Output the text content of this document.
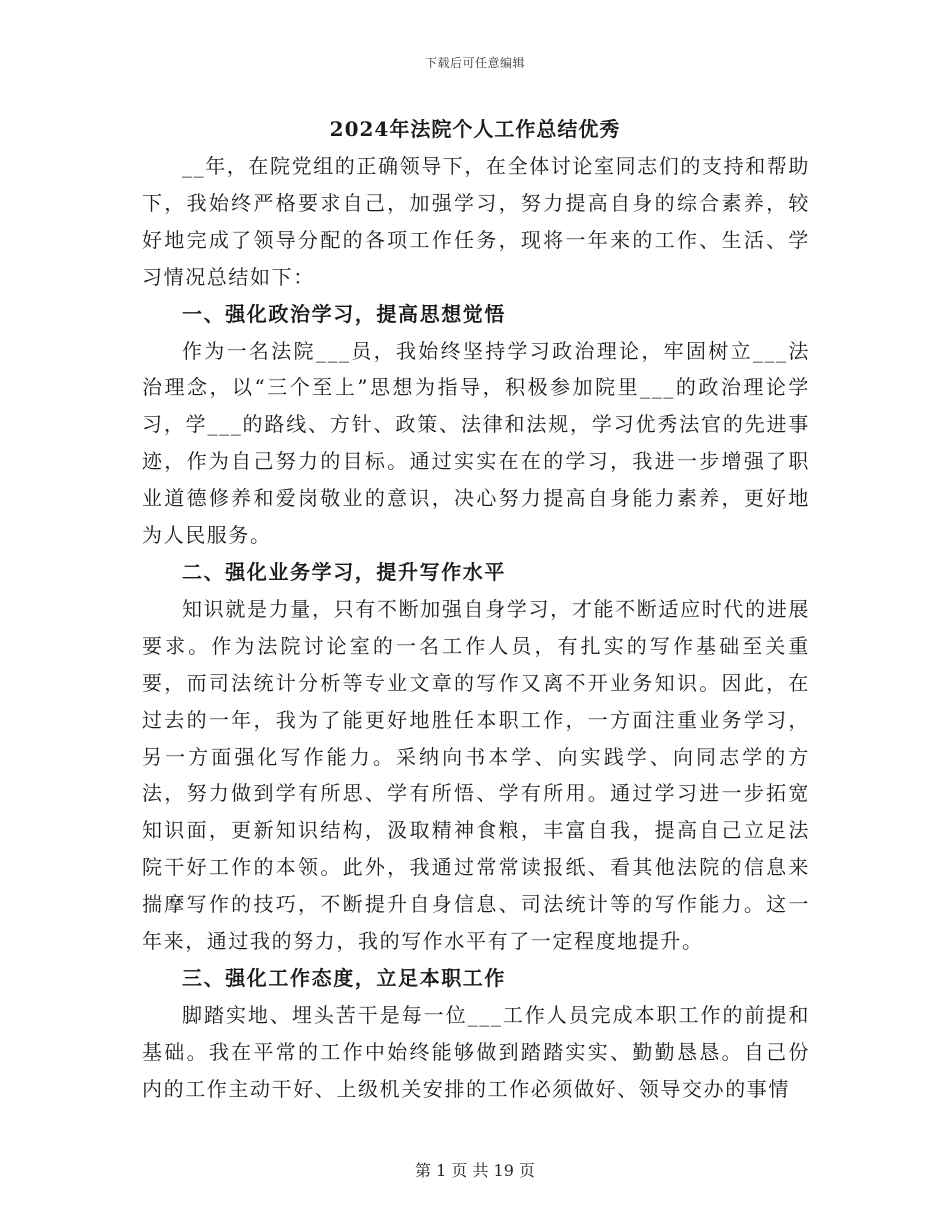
下载后可任意编辑
2024年法院个人工作总结优秀

__年，在院党组的正确领导下，在全体讨论室同志们的支持和帮助下，我始终严格要求自己，加强学习，努力提高自身的综合素养，较好地完成了领导分配的各项工作任务，现将一年来的工作、生活、学习情况总结如下：

一、强化政治学习，提高思想觉悟

作为一名法院___员，我始终坚持学习政治理论，牢固树立___法治理念，以“三个至上”思想为指导，积极参加院里___的政治理论学习，学___的路线、方针、政策、法律和法规，学习优秀法官的先进事迹，作为自己努力的目标。通过实实在在的学习，我进一步增强了职业道德修养和爱岗敬业的意识，决心努力提高自身能力素养，更好地为人民服务。

二、强化业务学习，提升写作水平

知识就是力量，只有不断加强自身学习，才能不断适应时代的进展要求。作为法院讨论室的一名工作人员，有扎实的写作基础至关重要，而司法统计分析等专业文章的写作又离不开业务知识。因此，在过去的一年，我为了能更好地胜任本职工作，一方面注重业务学习，另一方面强化写作能力。采纳向书本学、向实践学、向同志学的方法，努力做到学有所思、学有所悟、学有所用。通过学习进一步拓宽知识面，更新知识结构，汲取精神食粮，丰富自我，提高自己立足法院干好工作的本领。此外，我通过常常读报纸、看其他法院的信息来揣摩写作的技巧，不断提升自身信息、司法统计等的写作能力。这一年来，通过我的努力，我的写作水平有了一定程度地提升。

三、强化工作态度，立足本职工作

脚踏实地、埋头苦干是每一位___工作人员完成本职工作的前提和基础。我在平常的工作中始终能够做到踏踏实实、勤勤恳恳。自己份内的工作主动干好、上级机关安排的工作必须做好、领导交办的事情

第 1 页 共 19 页
